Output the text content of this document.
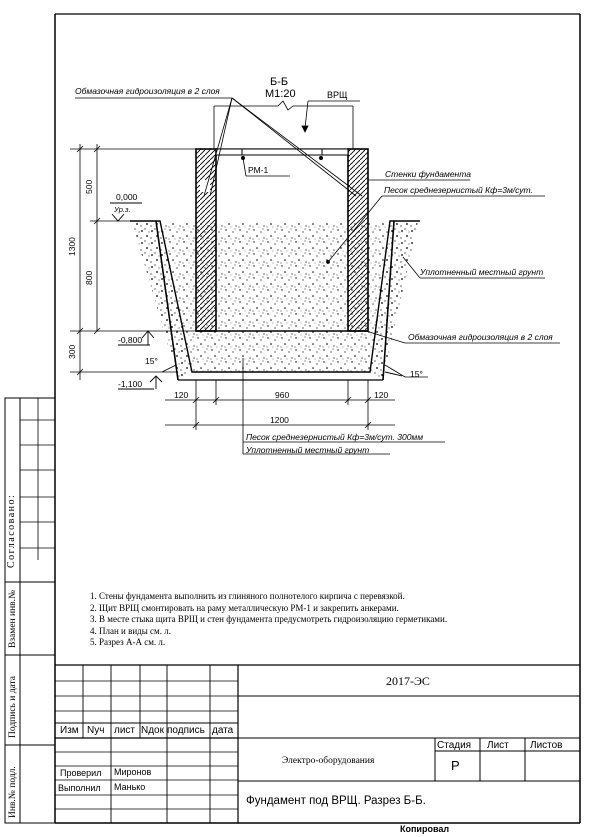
Б-Б
М1:20	ВРЩ
Обмазочная гидроизоляция в 2 слоя
РМ-1	Стенки фундамента
Песок среднезернистый Кф=3м/сут.
Уплотненный местный грунт
Обмазочная гидроизоляция в 2 слоя
0,000
Ур.з.
-0,800
-1,100
15°
15°
500
1300
800
300
120	960	120
1200
Песок среднезернистый Кф=3м/сут. 300мм
Уплотненный местный грунт
1. Стены фундамента выполнить из глиняного полнотелого кирпича с перевязкой.
2. Щит ВРЩ смонтировать на раму металлическую РМ-1 и закрепить анкерами.
3. В месте стыка щита ВРЩ и стен фундамента предусмотреть гидроизоляцию герметиками.
4. План и виды см. л.
5. Разрез А-А см. л.
Согласовано:
Взамен инв.№
Подпись и дата
Инв.№ подл.
2017-ЭС
Изм Nуч лист Nдок подпись дата
Электро-оборудования
Стадия Лист Листов
Р
Проверил Миронов
Выполнил Манько
Фундамент под ВРЩ. Разрез Б-Б.
Копировал
